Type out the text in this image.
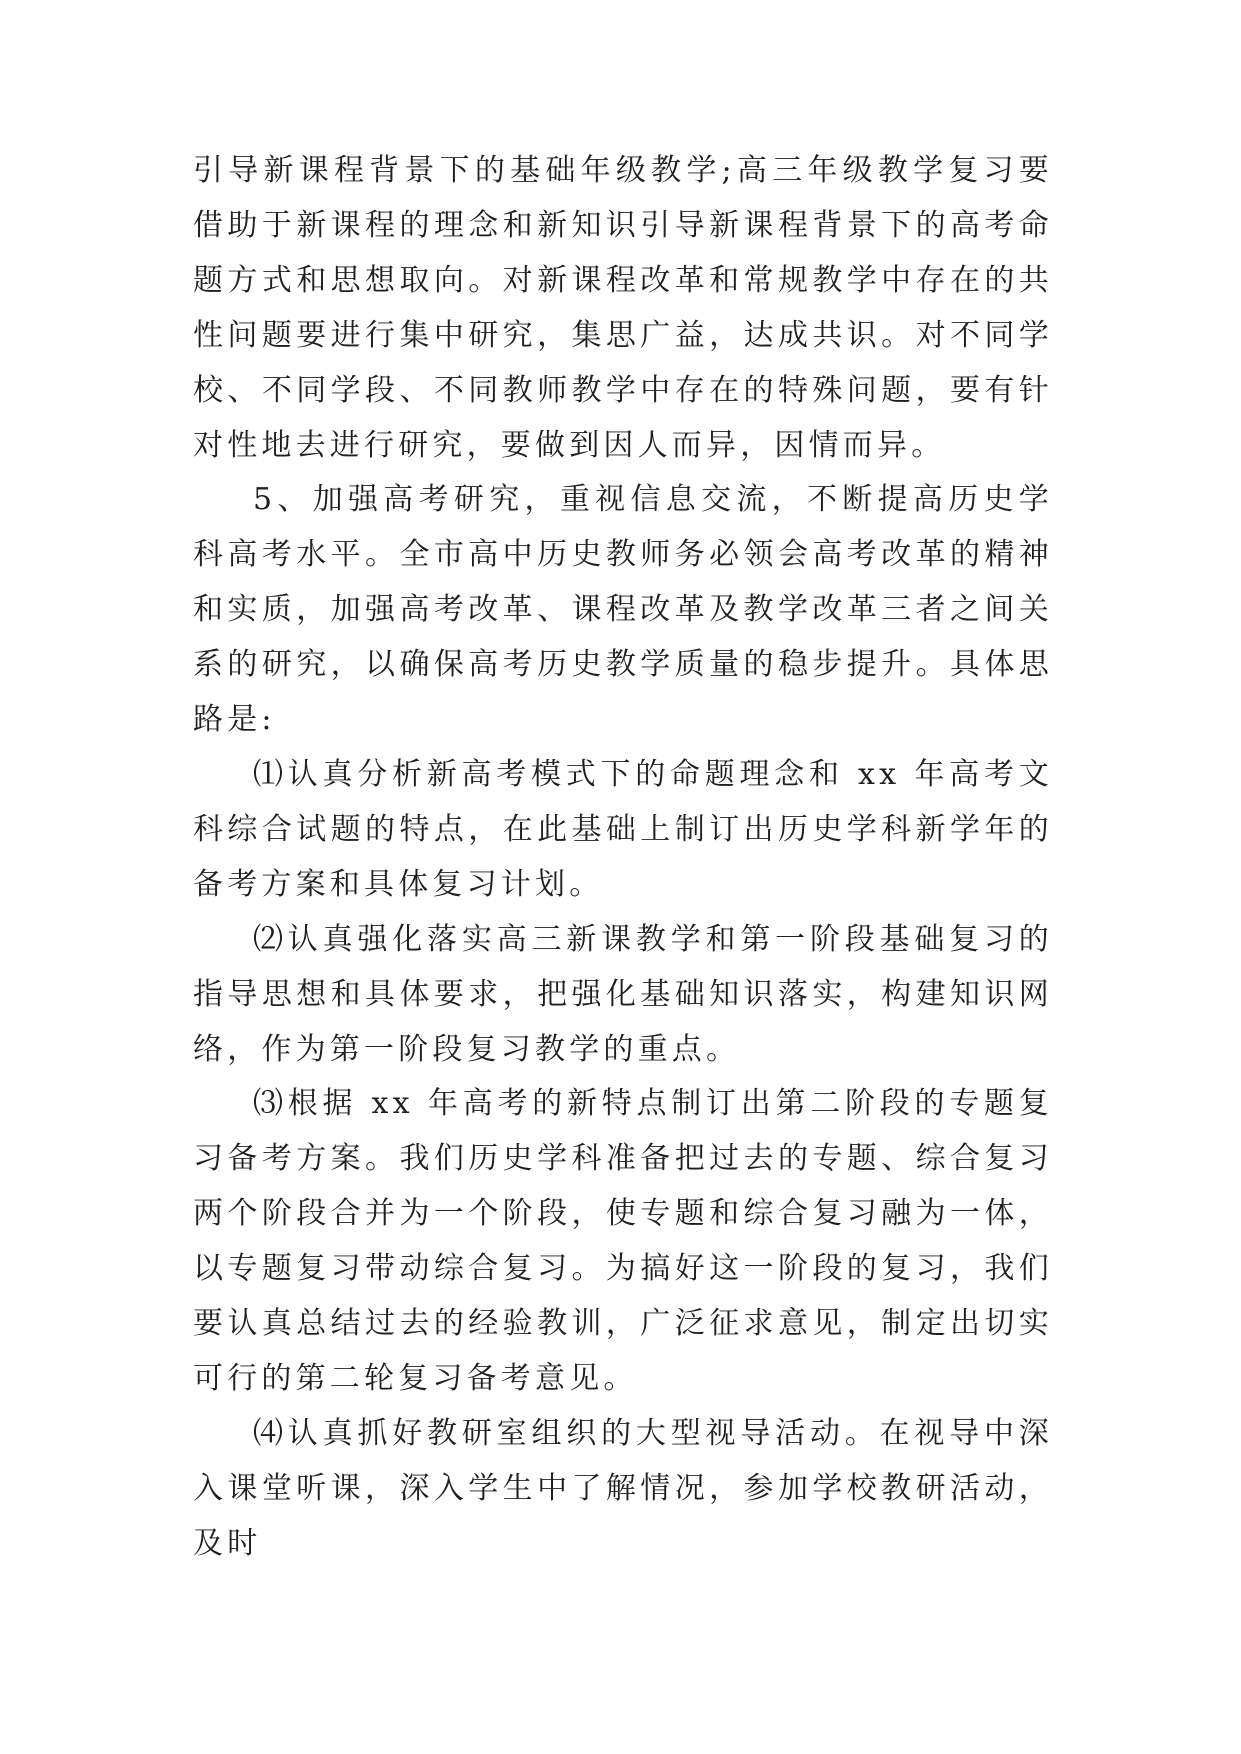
引导新课程背景下的基础年级教学;高三年级教学复习要借助于新课程的理念和新知识引导新课程背景下的高考命题方式和思想取向。对新课程改革和常规教学中存在的共性问题要进行集中研究，集思广益，达成共识。对不同学校、不同学段、不同教师教学中存在的特殊问题，要有针对性地去进行研究，要做到因人而异，因情而异。

5、加强高考研究，重视信息交流，不断提高历史学科高考水平。全市高中历史教师务必领会高考改革的精神和实质，加强高考改革、课程改革及教学改革三者之间关系的研究，以确保高考历史教学质量的稳步提升。具体思路是:

⑴认真分析新高考模式下的命题理念和 xx 年高考文科综合试题的特点，在此基础上制订出历史学科新学年的备考方案和具体复习计划。

⑵认真强化落实高三新课教学和第一阶段基础复习的指导思想和具体要求，把强化基础知识落实，构建知识网络，作为第一阶段复习教学的重点。

⑶根据 xx 年高考的新特点制订出第二阶段的专题复习备考方案。我们历史学科准备把过去的专题、综合复习两个阶段合并为一个阶段，使专题和综合复习融为一体，以专题复习带动综合复习。为搞好这一阶段的复习，我们要认真总结过去的经验教训，广泛征求意见，制定出切实可行的第二轮复习备考意见。

⑷认真抓好教研室组织的大型视导活动。在视导中深入课堂听课，深入学生中了解情况，参加学校教研活动，及时
